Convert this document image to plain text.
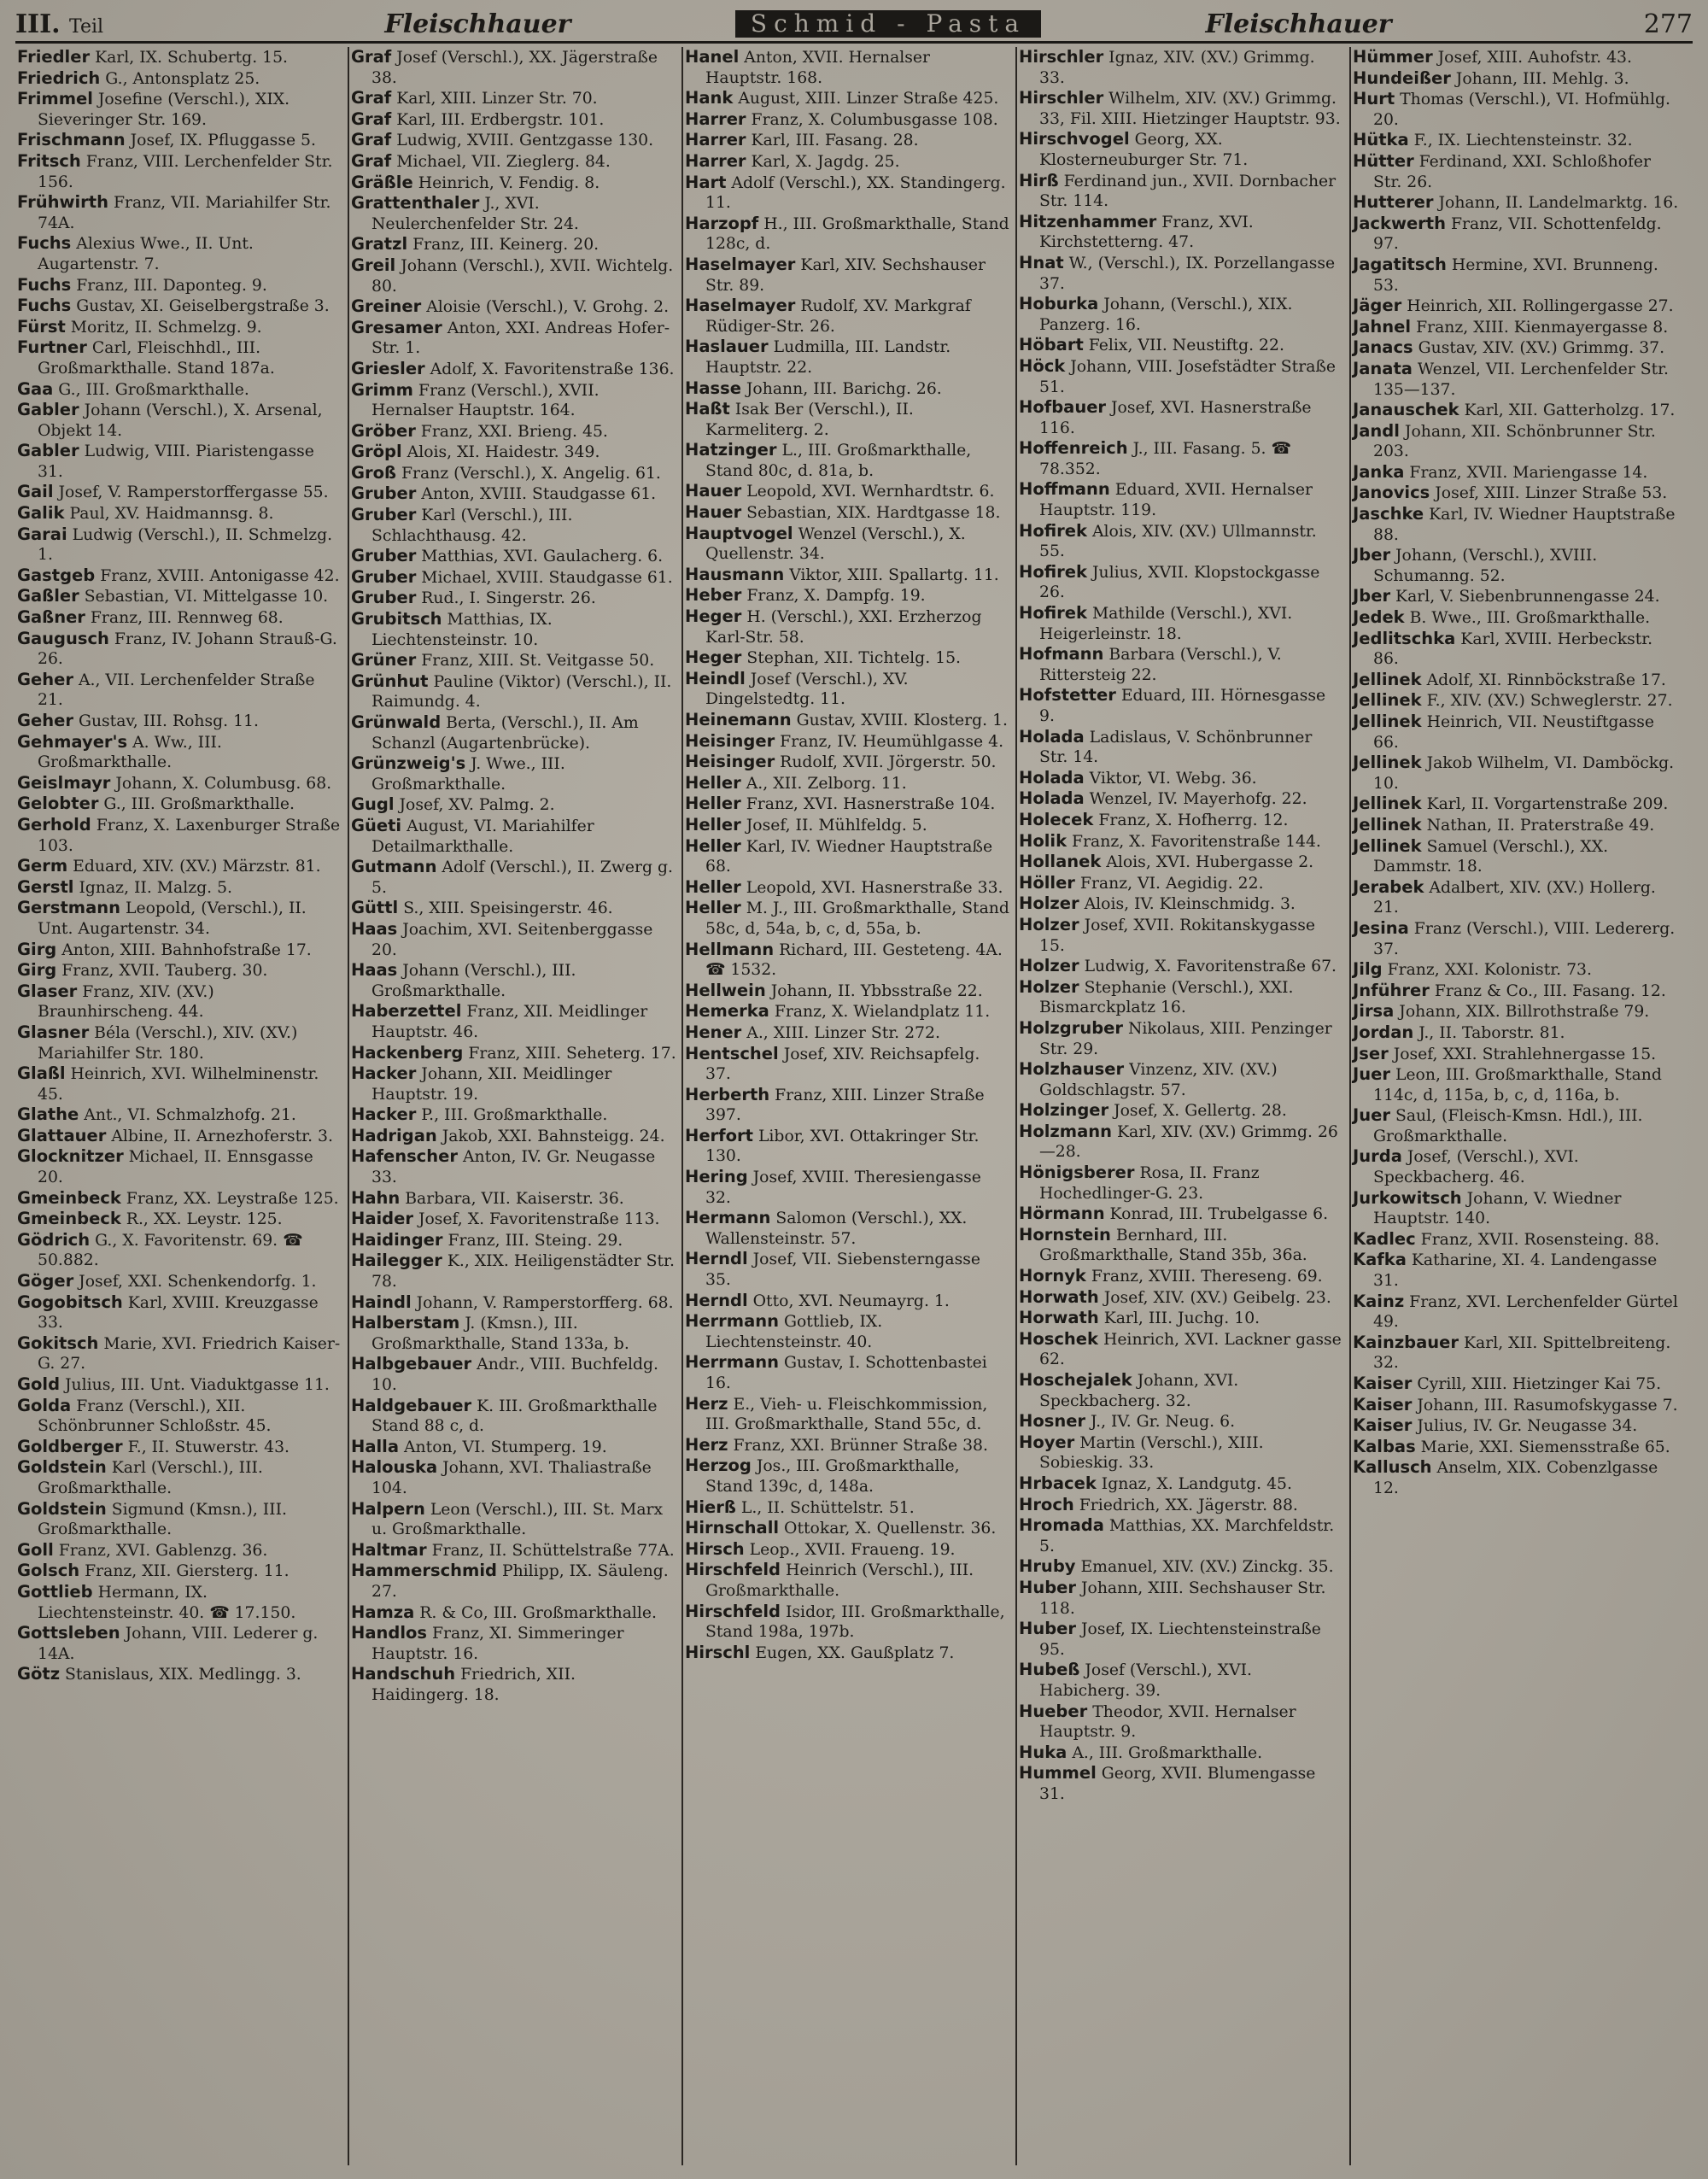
III. Teil	Fleischhauer	Schmid - Pasta	Fleischhauer	277

Friedler Karl, IX. Schubertg. 15.

Friedrich G., Antonsplatz 25.

Frimmel Josefine (Verschl.), XIX. Sieveringer Str. 169.

Frischmann Josef, IX. Pfluggasse 5.

Fritsch Franz, VIII. Lerchenfelder Str. 156.

Frühwirth Franz, VII. Mariahilfer Str. 74A.

Fuchs Alexius Wwe., II. Unt. Augartenstr. 7.

Fuchs Franz, III. Daponteg. 9.

Fuchs Gustav, XI. Geiselbergstraße 3.

Fürst Moritz, II. Schmelzg. 9.

Furtner Carl, Fleischhdl., III. Großmarkthalle. Stand 187a.

Gaa G., III. Großmarkthalle.

Gabler Johann (Verschl.), X. Arsenal, Objekt 14.

Gabler Ludwig, VIII. Piaristengasse 31.

Gail Josef, V. Ramperstorffergasse 55.

Galik Paul, XV. Haidmannsg. 8.

Garai Ludwig (Verschl.), II. Schmelzg. 1.

Gastgeb Franz, XVIII. Antonigasse 42.

Gaßler Sebastian, VI. Mittelgasse 10.

Gaßner Franz, III. Rennweg 68.

Gaugusch Franz, IV. Johann Strauß-G. 26.

Geher A., VII. Lerchenfelder Straße 21.

Geher Gustav, III. Rohsg. 11.

Gehmayer's A. Ww., III. Großmarkthalle.

Geislmayr Johann, X. Columbusg. 68.

Gelobter G., III. Großmarkthalle.

Gerhold Franz, X. Laxenburger Straße 103.

Germ Eduard, XIV. (XV.) Märzstr. 81.

Gerstl Ignaz, II. Malzg. 5.

Gerstmann Leopold, (Verschl.), II. Unt. Augartenstr. 34.

Girg Anton, XIII. Bahnhofstraße 17.

Girg Franz, XVII. Tauberg. 30.

Glaser Franz, XIV. (XV.) Braunhirscheng. 44.

Glasner Béla (Verschl.), XIV. (XV.) Mariahilfer Str. 180.

Glaßl Heinrich, XVI. Wilhelminenstr. 45.

Glathe Ant., VI. Schmalzhofg. 21.

Glattauer Albine, II. Arnezhoferstr. 3.

Glocknitzer Michael, II. Ennsgasse 20.

Gmeinbeck Franz, XX. Leystraße 125.

Gmeinbeck R., XX. Leystr. 125.

Gödrich G., X. Favoritenstr. 69. ☎ 50.882.

Göger Josef, XXI. Schenkendorfg. 1.

Gogobitsch Karl, XVIII. Kreuzgasse 33.

Gokitsch Marie, XVI. Friedrich Kaiser-G. 27.

Gold Julius, III. Unt. Viaduktgasse 11.

Golda Franz (Verschl.), XII. Schönbrunner Schloßstr. 45.

Goldberger F., II. Stuwerstr. 43.

Goldstein Karl (Verschl.), III. Großmarkthalle.

Goldstein Sigmund (Kmsn.), III. Großmarkthalle.

Goll Franz, XVI. Gablenzg. 36.

Golsch Franz, XII. Giersterg. 11.

Gottlieb Hermann, IX. Liechtensteinstr. 40. ☎ 17.150.

Gottsleben Johann, VIII. Lederer g. 14A.

Götz Stanislaus, XIX. Medlingg. 3.

Graf Josef (Verschl.), XX. Jägerstraße 38.

Graf Karl, XIII. Linzer Str. 70.

Graf Karl, III. Erdbergstr. 101.

Graf Ludwig, XVIII. Gentzgasse 130.

Graf Michael, VII. Zieglerg. 84.

Gräßle Heinrich, V. Fendig. 8.

Grattenthaler J., XVI. Neulerchenfelder Str. 24.

Gratzl Franz, III. Keinerg. 20.

Greil Johann (Verschl.), XVII. Wichtelg. 80.

Greiner Aloisie (Verschl.), V. Grohg. 2.

Gresamer Anton, XXI. Andreas Hofer-Str. 1.

Griesler Adolf, X. Favoritenstraße 136.

Grimm Franz (Verschl.), XVII. Hernalser Hauptstr. 164.

Gröber Franz, XXI. Brieng. 45.

Gröpl Alois, XI. Haidestr. 349.

Groß Franz (Verschl.), X. Angelig. 61.

Gruber Anton, XVIII. Staudgasse 61.

Gruber Karl (Verschl.), III. Schlachthausg. 42.

Gruber Matthias, XVI. Gaulacherg. 6.

Gruber Michael, XVIII. Staudgasse 61.

Gruber Rud., I. Singerstr. 26.

Grubitsch Matthias, IX. Liechtensteinstr. 10.

Grüner Franz, XIII. St. Veitgasse 50.

Grünhut Pauline (Viktor) (Verschl.), II. Raimundg. 4.

Grünwald Berta, (Verschl.), II. Am Schanzl (Augartenbrücke).

Grünzweig's J. Wwe., III. Großmarkthalle.

Gugl Josef, XV. Palmg. 2.

Güeti August, VI. Mariahilfer Detailmarkthalle.

Gutmann Adolf (Verschl.), II. Zwerg g. 5.

Güttl S., XIII. Speisingerstr. 46.

Haas Joachim, XVI. Seitenberggasse 20.

Haas Johann (Verschl.), III. Großmarkthalle.

Haberzettel Franz, XII. Meidlinger Hauptstr. 46.

Hackenberg Franz, XIII. Seheterg. 17.

Hacker Johann, XII. Meidlinger Hauptstr. 19.

Hacker P., III. Großmarkthalle.

Hadrigan Jakob, XXI. Bahnsteigg. 24.

Hafenscher Anton, IV. Gr. Neugasse 33.

Hahn Barbara, VII. Kaiserstr. 36.

Haider Josef, X. Favoritenstraße 113.

Haidinger Franz, III. Steing. 29.

Hailegger K., XIX. Heiligenstädter Str. 78.

Haindl Johann, V. Ramperstorfferg. 68.

Halberstam J. (Kmsn.), III. Großmarkthalle, Stand 133a, b.

Halbgebauer Andr., VIII. Buchfeldg. 10.

Haldgebauer K. III. Großmarkthalle Stand 88 c, d.

Halla Anton, VI. Stumperg. 19.

Halouska Johann, XVI. Thaliastraße 104.

Halpern Leon (Verschl.), III. St. Marx u. Großmarkthalle.

Haltmar Franz, II. Schüttelstraße 77A.

Hammerschmid Philipp, IX. Säuleng. 27.

Hamza R. & Co, III. Großmarkthalle.

Handlos Franz, XI. Simmeringer Hauptstr. 16.

Handschuh Friedrich, XII. Haidingerg. 18.

Hanel Anton, XVII. Hernalser Hauptstr. 168.

Hank August, XIII. Linzer Straße 425.

Harrer Franz, X. Columbusgasse 108.

Harrer Karl, III. Fasang. 28.

Harrer Karl, X. Jagdg. 25.

Hart Adolf (Verschl.), XX. Standingerg. 11.

Harzopf H., III. Großmarkthalle, Stand 128c, d.

Haselmayer Karl, XIV. Sechshauser Str. 89.

Haselmayer Rudolf, XV. Markgraf Rüdiger-Str. 26.

Haslauer Ludmilla, III. Landstr. Hauptstr. 22.

Hasse Johann, III. Barichg. 26.

Haßt Isak Ber (Verschl.), II. Karmeliterg. 2.

Hatzinger L., III. Großmarkthalle, Stand 80c, d. 81a, b.

Hauer Leopold, XVI. Wernhardtstr. 6.

Hauer Sebastian, XIX. Hardtgasse 18.

Hauptvogel Wenzel (Verschl.), X. Quellenstr. 34.

Hausmann Viktor, XIII. Spallartg. 11.

Heber Franz, X. Dampfg. 19.

Heger H. (Verschl.), XXI. Erzherzog Karl-Str. 58.

Heger Stephan, XII. Tichtelg. 15.

Heindl Josef (Verschl.), XV. Dingelstedtg. 11.

Heinemann Gustav, XVIII. Klosterg. 1.

Heisinger Franz, IV. Heumühlgasse 4.

Heisinger Rudolf, XVII. Jörgerstr. 50.

Heller A., XII. Zelborg. 11.

Heller Franz, XVI. Hasnerstraße 104.

Heller Josef, II. Mühlfeldg. 5.

Heller Karl, IV. Wiedner Hauptstraße 68.

Heller Leopold, XVI. Hasnerstraße 33.

Heller M. J., III. Großmarkthalle, Stand 58c, d, 54a, b, c, d, 55a, b.

Hellmann Richard, III. Gesteteng. 4A. ☎ 1532.

Hellwein Johann, II. Ybbsstraße 22.

Hemerka Franz, X. Wielandplatz 11.

Hener A., XIII. Linzer Str. 272.

Hentschel Josef, XIV. Reichsapfelg. 37.

Herberth Franz, XIII. Linzer Straße 397.

Herfort Libor, XVI. Ottakringer Str. 130.

Hering Josef, XVIII. Theresiengasse 32.

Hermann Salomon (Verschl.), XX. Wallensteinstr. 57.

Herndl Josef, VII. Siebensterngasse 35.

Herndl Otto, XVI. Neumayrg. 1.

Herrmann Gottlieb, IX. Liechtensteinstr. 40.

Herrmann Gustav, I. Schottenbastei 16.

Herz E., Vieh- u. Fleischkommission, III. Großmarkthalle, Stand 55c, d.

Herz Franz, XXI. Brünner Straße 38.

Herzog Jos., III. Großmarkthalle, Stand 139c, d, 148a.

Hierß L., II. Schüttelstr. 51.

Hirnschall Ottokar, X. Quellenstr. 36.

Hirsch Leop., XVII. Fraueng. 19.

Hirschfeld Heinrich (Verschl.), III. Großmarkthalle.

Hirschfeld Isidor, III. Großmarkthalle, Stand 198a, 197b.

Hirschl Eugen, XX. Gaußplatz 7.

Hirschler Ignaz, XIV. (XV.) Grimmg. 33.

Hirschler Wilhelm, XIV. (XV.) Grimmg. 33, Fil. XIII. Hietzinger Hauptstr. 93.

Hirschvogel Georg, XX. Klosterneuburger Str. 71.

Hirß Ferdinand jun., XVII. Dornbacher Str. 114.

Hitzenhammer Franz, XVI. Kirchstetterng. 47.

Hnat W., (Verschl.), IX. Porzellangasse 37.

Hoburka Johann, (Verschl.), XIX. Panzerg. 16.

Höbart Felix, VII. Neustiftg. 22.

Höck Johann, VIII. Josefstädter Straße 51.

Hofbauer Josef, XVI. Hasnerstraße 116.

Hoffenreich J., III. Fasang. 5. ☎ 78.352.

Hoffmann Eduard, XVII. Hernalser Hauptstr. 119.

Hofirek Alois, XIV. (XV.) Ullmannstr. 55.

Hofirek Julius, XVII. Klopstockgasse 26.

Hofirek Mathilde (Verschl.), XVI. Heigerleinstr. 18.

Hofmann Barbara (Verschl.), V. Rittersteig 22.

Hofstetter Eduard, III. Hörnesgasse 9.

Holada Ladislaus, V. Schönbrunner Str. 14.

Holada Viktor, VI. Webg. 36.

Holada Wenzel, IV. Mayerhofg. 22.

Holecek Franz, X. Hofherrg. 12.

Holik Franz, X. Favoritenstraße 144.

Hollanek Alois, XVI. Hubergasse 2.

Höller Franz, VI. Aegidig. 22.

Holzer Alois, IV. Kleinschmidg. 3.

Holzer Josef, XVII. Rokitanskygasse 15.

Holzer Ludwig, X. Favoritenstraße 67.

Holzer Stephanie (Verschl.), XXI. Bismarckplatz 16.

Holzgruber Nikolaus, XIII. Penzinger Str. 29.

Holzhauser Vinzenz, XIV. (XV.) Goldschlagstr. 57.

Holzinger Josef, X. Gellertg. 28.

Holzmann Karl, XIV. (XV.) Grimmg. 26—28.

Hönigsberer Rosa, II. Franz Hochedlinger-G. 23.

Hörmann Konrad, III. Trubelgasse 6.

Hornstein Bernhard, III. Großmarkthalle, Stand 35b, 36a.

Hornyk Franz, XVIII. Thereseng. 69.

Horwath Josef, XIV. (XV.) Geibelg. 23.

Horwath Karl, III. Juchg. 10.

Hoschek Heinrich, XVI. Lackner gasse 62.

Hoschejalek Johann, XVI. Speckbacherg. 32.

Hosner J., IV. Gr. Neug. 6.

Hoyer Martin (Verschl.), XIII. Sobieskig. 33.

Hrbacek Ignaz, X. Landgutg. 45.

Hroch Friedrich, XX. Jägerstr. 88.

Hromada Matthias, XX. Marchfeldstr. 5.

Hruby Emanuel, XIV. (XV.) Zinckg. 35.

Huber Johann, XIII. Sechshauser Str. 118.

Huber Josef, IX. Liechtensteinstraße 95.

Hubeß Josef (Verschl.), XVI. Habicherg. 39.

Hueber Theodor, XVII. Hernalser Hauptstr. 9.

Huka A., III. Großmarkthalle.

Hummel Georg, XVII. Blumengasse 31.

Hümmer Josef, XIII. Auhofstr. 43.

Hundeißer Johann, III. Mehlg. 3.

Hurt Thomas (Verschl.), VI. Hofmühlg. 20.

Hütka F., IX. Liechtensteinstr. 32.

Hütter Ferdinand, XXI. Schloßhofer Str. 26.

Hutterer Johann, II. Landelmarktg. 16.

Jackwerth Franz, VII. Schottenfeldg. 97.

Jagatitsch Hermine, XVI. Brunneng. 53.

Jäger Heinrich, XII. Rollingergasse 27.

Jahnel Franz, XIII. Kienmayergasse 8.

Janacs Gustav, XIV. (XV.) Grimmg. 37.

Janata Wenzel, VII. Lerchenfelder Str. 135—137.

Janauschek Karl, XII. Gatterholzg. 17.

Jandl Johann, XII. Schönbrunner Str. 203.

Janka Franz, XVII. Mariengasse 14.

Janovics Josef, XIII. Linzer Straße 53.

Jaschke Karl, IV. Wiedner Hauptstraße 88.

Jber Johann, (Verschl.), XVIII. Schumanng. 52.

Jber Karl, V. Siebenbrunnengasse 24.

Jedek B. Wwe., III. Großmarkthalle.

Jedlitschka Karl, XVIII. Herbeckstr. 86.

Jellinek Adolf, XI. Rinnböckstraße 17.

Jellinek F., XIV. (XV.) Schweglerstr. 27.

Jellinek Heinrich, VII. Neustiftgasse 66.

Jellinek Jakob Wilhelm, VI. Damböckg. 10.

Jellinek Karl, II. Vorgartenstraße 209.

Jellinek Nathan, II. Praterstraße 49.

Jellinek Samuel (Verschl.), XX. Dammstr. 18.

Jerabek Adalbert, XIV. (XV.) Hollerg. 21.

Jesina Franz (Verschl.), VIII. Ledererg. 37.

Jilg Franz, XXI. Kolonistr. 73.

Jnführer Franz & Co., III. Fasang. 12.

Jirsa Johann, XIX. Billrothstraße 79.

Jordan J., II. Taborstr. 81.

Jser Josef, XXI. Strahlehnergasse 15.

Juer Leon, III. Großmarkthalle, Stand 114c, d, 115a, b, c, d, 116a, b.

Juer Saul, (Fleisch-Kmsn. Hdl.), III. Großmarkthalle.

Jurda Josef, (Verschl.), XVI. Speckbacherg. 46.

Jurkowitsch Johann, V. Wiedner Hauptstr. 140.

Kadlec Franz, XVII. Rosensteing. 88.

Kafka Katharine, XI. 4. Landengasse 31.

Kainz Franz, XVI. Lerchenfelder Gürtel 49.

Kainzbauer Karl, XII. Spittelbreiteng. 32.

Kaiser Cyrill, XIII. Hietzinger Kai 75.

Kaiser Johann, III. Rasumofskygasse 7.

Kaiser Julius, IV. Gr. Neugasse 34.

Kalbas Marie, XXI. Siemensstraße 65.

Kallusch Anselm, XIX. Cobenzlgasse 12.
